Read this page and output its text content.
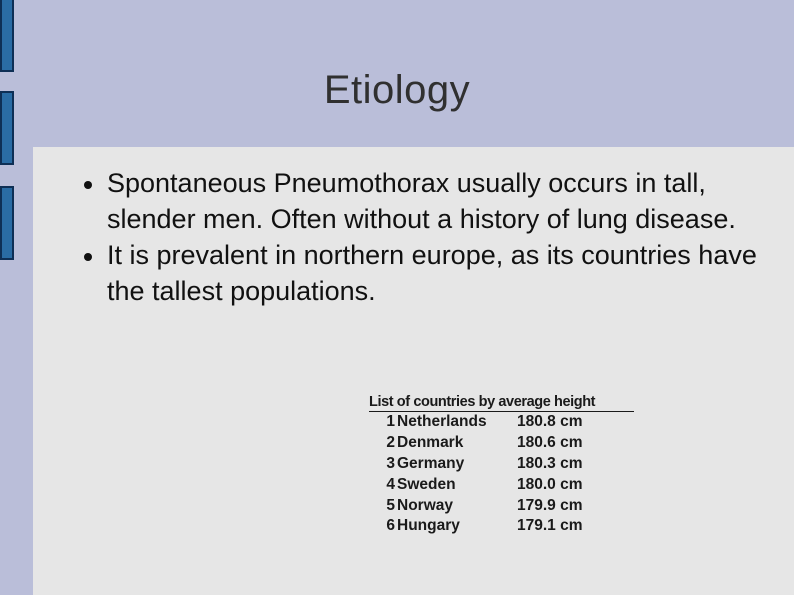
Etiology
Spontaneous Pneumothorax usually occurs in tall, slender men. Often without a history of lung disease.
It is prevalent in northern europe, as its countries have the tallest populations.
List of countries by average height
1 Netherlands	180.8 cm
2 Denmark	180.6 cm
3 Germany	180.3 cm
4 Sweden	180.0 cm
5 Norway	179.9 cm
6 Hungary	179.1 cm
